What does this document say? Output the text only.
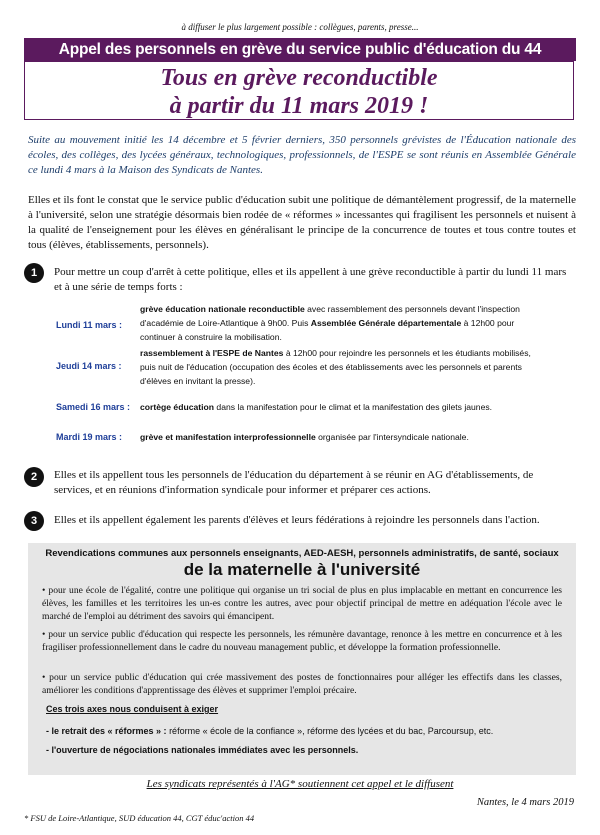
à diffuser le plus largement possible : collègues, parents, presse...
Appel des personnels en grève du service public d'éducation du 44
Tous en grève reconductible
à partir du 11 mars 2019 !
Suite au mouvement initié les 14 décembre et 5 février derniers, 350 personnels grévistes de l'Éducation nationale des écoles, des collèges, des lycées généraux, technologiques, professionnels, de l'ESPE se sont réunis en Assemblée Générale ce lundi 4 mars à la Maison des Syndicats de Nantes.
Elles et ils font le constat que le service public d'éducation subit une politique de démantèlement progressif, de la maternelle à l'université, selon une stratégie désormais bien rodée de « réformes » incessantes qui fragilisent les personnels et nuisent à la qualité de l'enseignement pour les élèves en généralisant le principe de la concurrence de toutes et tous contre toutes et tous (élèves, établissements, personnels).
1	Pour mettre un coup d'arrêt à cette politique, elles et ils appellent à une grève reconductible à partir du lundi 11 mars et à une série de temps forts :
Lundi 11 mars :
grève éducation nationale reconductible avec rassemblement des personnels devant l'inspection d'académie de Loire-Atlantique à 9h00. Puis Assemblée Générale départementale à 12h00 pour continuer à construire la mobilisation.
Jeudi 14 mars :
rassemblement à l'ESPE de Nantes à 12h00 pour rejoindre les personnels et les étudiants mobilisés, puis nuit de l'éducation (occupation des écoles et des établissements avec les personnels et parents d'élèves en invitant la presse).
Samedi 16 mars :	cortège éducation dans la manifestation pour le climat et la manifestation des gilets jaunes.
Mardi 19 mars :	grève et manifestation interprofessionnelle organisée par l'intersyndicale nationale.
2	Elles et ils appellent tous les personnels de l'éducation du département à se réunir en AG d'établissements, de services, et en réunions d'information syndicale pour informer et préparer ces actions.
3	Elles et ils appellent également les parents d'élèves et leurs fédérations à rejoindre les personnels dans l'action.
Revendications communes aux personnels enseignants, AED-AESH, personnels administratifs, de santé, sociaux
de la maternelle à l'université
• pour une école de l'égalité, contre une politique qui organise un tri social de plus en plus implacable en mettant en concurrence les élèves, les familles et les territoires les un-es contre les autres, avec pour objectif principal de mettre en adéquation l'école avec le marché de l'emploi au détriment des savoirs qui émancipent.
• pour un service public d'éducation qui respecte les personnels, les rémunère davantage, renonce à les mettre en concurrence et à les fragiliser professionnellement dans le cadre du nouveau management public, et développe la formation professionnelle.
• pour un service public d'éducation qui crée massivement des postes de fonctionnaires pour alléger les effectifs dans les classes, améliorer les conditions d'apprentissage des élèves et supprimer l'emploi précaire.
Ces trois axes nous conduisent à exiger
- le retrait des « réformes » : réforme « école de la confiance », réforme des lycées et du bac, Parcoursup, etc.
- l'ouverture de négociations nationales immédiates avec les personnels.
Les syndicats représentés à l'AG* soutiennent cet appel et le diffusent
Nantes, le 4 mars 2019
* FSU de Loire-Atlantique, SUD éducation 44, CGT éduc'action 44
